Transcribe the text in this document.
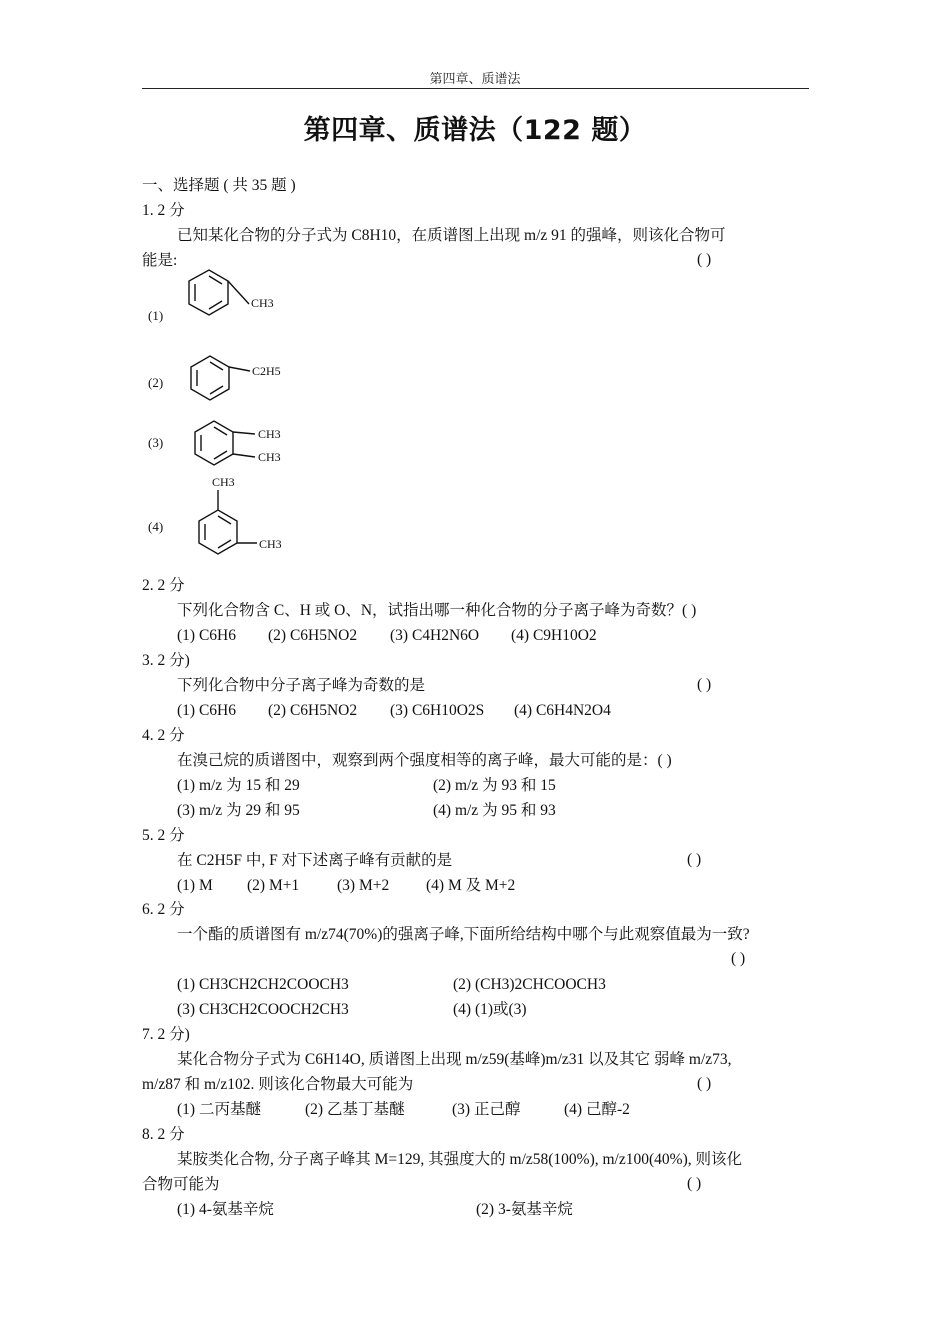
第四章、质谱法
第四章、质谱法（122 题）
一、选择题 ( 共 35 题 )
1. 2 分
已知某化合物的分子式为 C8H10，在质谱图上出现 m/z 91 的强峰，则该化合物可
能是:	( )
(1)
(2)
(3)
(4)
CH3
C2H5
CH3
CH3
CH3
CH3
2. 2 分
下列化合物含 C、H 或 O、N，试指出哪一种化合物的分子离子峰为奇数？( )
(1) C6H6 (2) C6H5NO2 (3) C4H2N6O (4) C9H10O2
3. 2 分)
下列化合物中分子离子峰为奇数的是	( )
(1) C6H6 (2) C6H5NO2 (3) C6H10O2S (4) C6H4N2O4
4. 2 分
在溴己烷的质谱图中，观察到两个强度相等的离子峰，最大可能的是：( )
(1) m/z 为 15 和 29	(2) m/z 为 93 和 15
(3) m/z 为 29 和 95	(4) m/z 为 95 和 93
5. 2 分
在 C2H5F 中, F 对下述离子峰有贡献的是	( )
(1) M (2) M+1 (3) M+2 (4) M 及 M+2
6. 2 分
一个酯的质谱图有 m/z74(70%)的强离子峰,下面所给结构中哪个与此观察值最为一致?
( )
(1) CH3CH2CH2COOCH3	(2) (CH3)2CHCOOCH3
(3) CH3CH2COOCH2CH3	(4) (1)或(3)
7. 2 分)
某化合物分子式为 C6H14O, 质谱图上出现 m/z59(基峰)m/z31 以及其它 弱峰 m/z73,
m/z87 和 m/z102. 则该化合物最大可能为	( )
(1) 二丙基醚	(2) 乙基丁基醚	(3) 正己醇	(4) 己醇-2
8. 2 分
某胺类化合物, 分子离子峰其 M=129, 其强度大的 m/z58(100%), m/z100(40%), 则该化
合物可能为	( )
(1) 4-氨基辛烷	(2) 3-氨基辛烷
